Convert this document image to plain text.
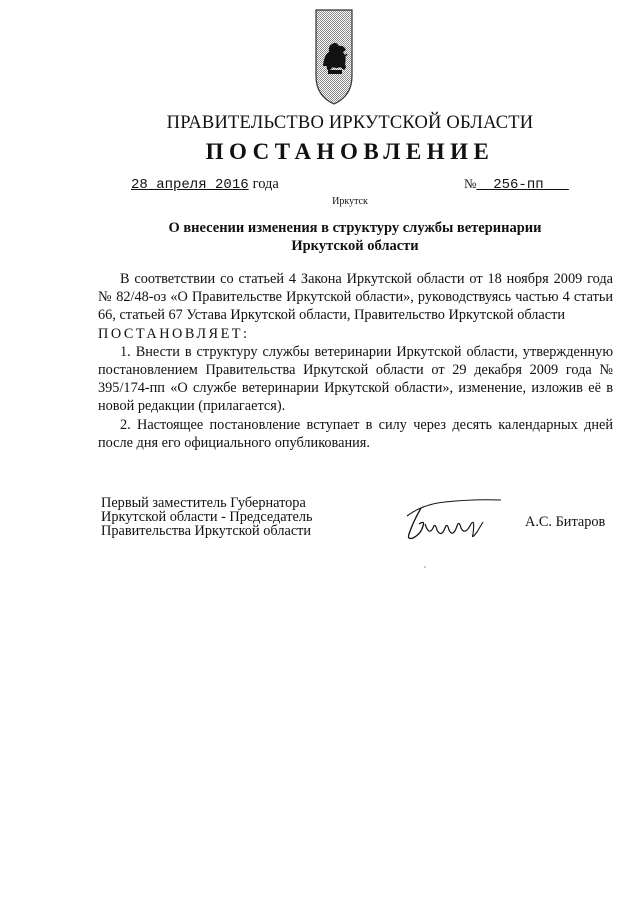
ПРАВИТЕЛЬСТВО ИРКУТСКОЙ ОБЛАСТИ
ПОСТАНОВЛЕНИЕ
28 апреля 2016 года	№ 256-пп
Иркутск
О внесении изменения в структуру службы ветеринарии
Иркутской области

В соответствии со статьей 4 Закона Иркутской области от 18 ноября 2009 года № 82/48-оз «О Правительстве Иркутской области», руководствуясь частью 4 статьи 66, статьей 67 Устава Иркутской области, Правительство Иркутской области

ПОСТАНОВЛЯЕТ:

1. Внести в структуру службы ветеринарии Иркутской области, утвержденную постановлением Правительства Иркутской области от 29 декабря 2009 года № 395/174-пп «О службе ветеринарии Иркутской области», изменение, изложив её в новой редакции (прилагается).

2. Настоящее постановление вступает в силу через десять календарных дней после дня его официального опубликования.

Первый заместитель Губернатора
Иркутской области - Председатель
Правительства Иркутской области
А.С. Битаров
